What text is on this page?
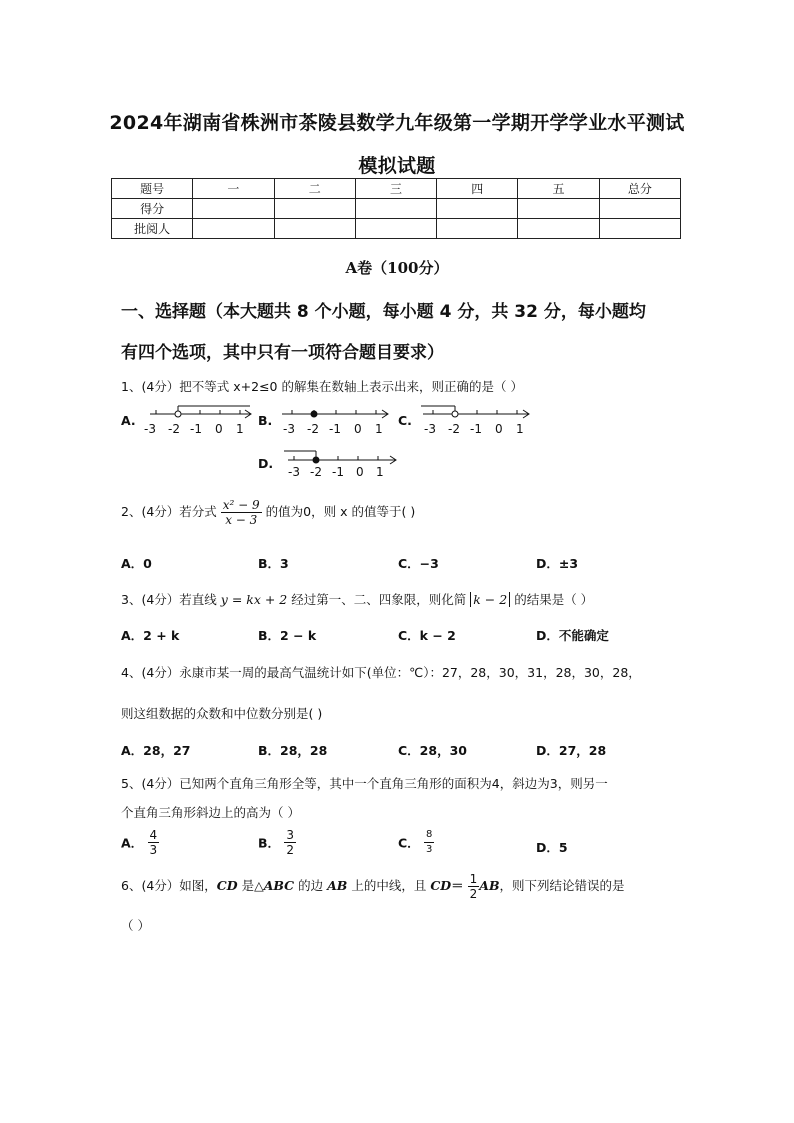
2024年湖南省株洲市茶陵县数学九年级第一学期开学学业水平测试
模拟试题
题号	一	二	三	四	五	总分
得分						
批阅人						
A卷（100分）
一、选择题（本大题共 8 个小题，每小题 4 分，共 32 分，每小题均
有四个选项，其中只有一项符合题目要求）
1、(4分）把不等式 x+2≤0 的解集在数轴上表示出来，则正确的是（ ）
A.
-3 -2 -1 0 1
B.
-3 -2 -1 0 1
C.
-3 -2 -1 0 1
D.
-3 -2 -1 0 1
2、(4分）若分式 $\frac{\text{x² − 9}}{x - 3}$ 的值为0，则 x 的值等于( )
A．0	B．3	C．−3	D．±3
3、(4分）若直线 y = kx + 2 经过第一、二、四象限，则化简 k − 2 的结果是（ ）
A．2 + k	B．2 − k	C．k − 2	D．不能确定
4、(4分）永康市某一周的最高气温统计如下(单位：℃）：27，28，30，31，28，30，28，
则这组数据的众数和中位数分别是( )
A．28，27	B．28，28	C．28，30	D．27，28
5、(4分）已知两个直角三角形全等，其中一个直角三角形的面积为4，斜边为3，则另一
个直角三角形斜边上的高为（ ）
A． $\frac{4}{3}$	B． $\frac{3}{2}$	C． $\frac{8}{3}$	D．5
6、(4分）如图，CD 是△ABC 的边 AB 上的中线，且 $CD= \frac{1}{2}$ AB，则下列结论错误的是
（ ）
